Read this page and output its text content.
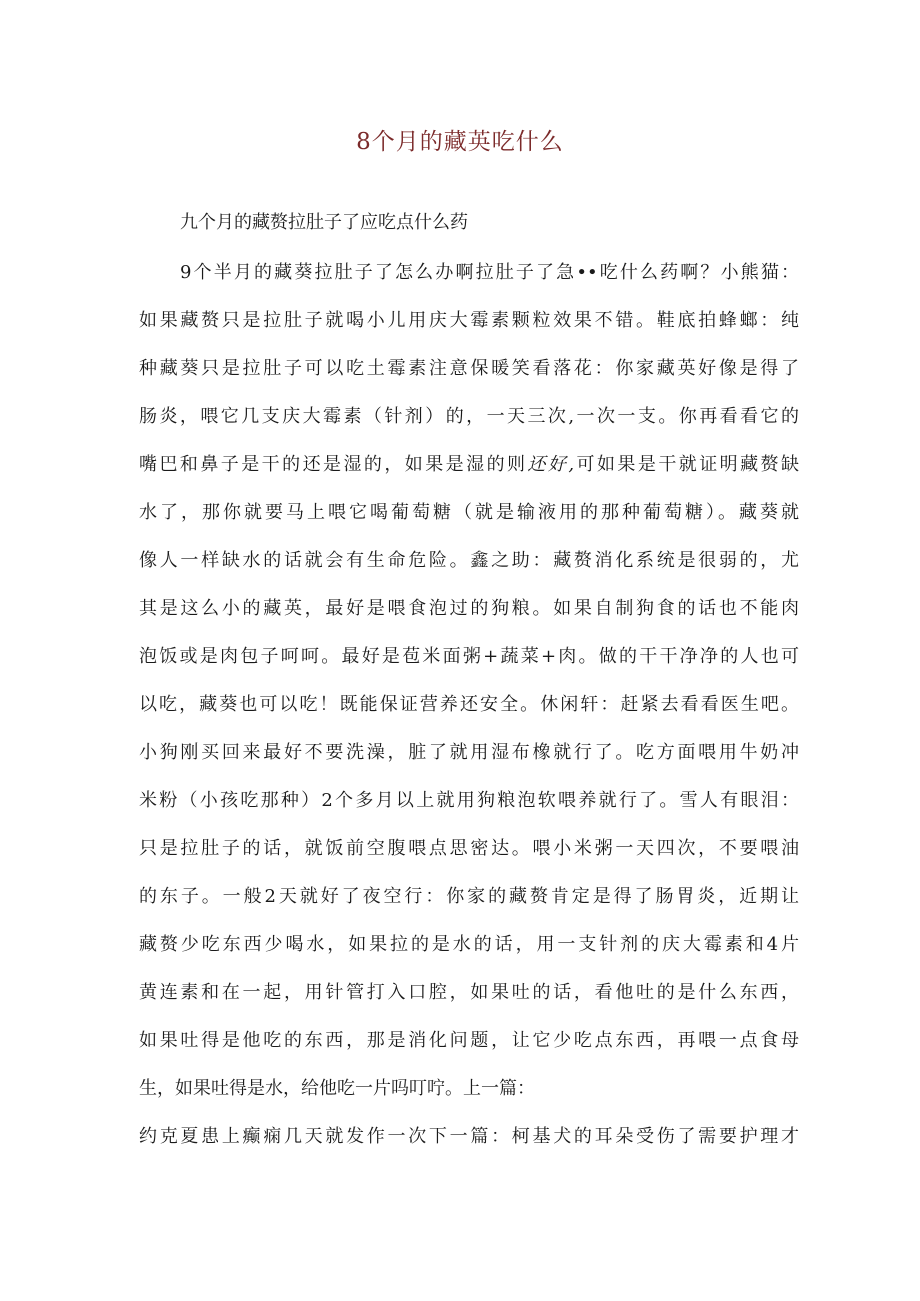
8个月的藏英吃什么
九个月的藏赘拉肚子了应吃点什么药
9个半月的藏葵拉肚子了怎么办啊拉肚子了急••吃什么药啊？小熊猫：
如果藏赘只是拉肚子就喝小儿用庆大霉素颗粒效果不错。鞋底拍蜂螂：纯
种藏葵只是拉肚子可以吃土霉素注意保暖笑看落花：你家藏英好像是得了
肠炎，喂它几支庆大霉素（针剂）的，一天三次,一次一支。你再看看它的
嘴巴和鼻子是干的还是湿的，如果是湿的则还好,可如果是干就证明藏赘缺
水了，那你就要马上喂它喝葡萄糖（就是输液用的那种葡萄糖）。藏葵就
像人一样缺水的话就会有生命危险。鑫之助：藏赘消化系统是很弱的，尤
其是这么小的藏英，最好是喂食泡过的狗粮。如果自制狗食的话也不能肉
泡饭或是肉包子呵呵。最好是苞米面粥+蔬菜+肉。做的干干净净的人也可
以吃，藏葵也可以吃！既能保证营养还安全。休闲轩：赶紧去看看医生吧。
小狗刚买回来最好不要洗澡，脏了就用湿布橡就行了。吃方面喂用牛奶冲
米粉（小孩吃那种）2个多月以上就用狗粮泡软喂养就行了。雪人有眼泪：
只是拉肚子的话，就饭前空腹喂点思密达。喂小米粥一天四次，不要喂油
的东子。一般2天就好了夜空行：你家的藏赘肯定是得了肠胃炎，近期让
藏赘少吃东西少喝水，如果拉的是水的话，用一支针剂的庆大霉素和4片
黄连素和在一起，用针管打入口腔，如果吐的话，看他吐的是什么东西，
如果吐得是他吃的东西，那是消化问题，让它少吃点东西，再喂一点食母
生，如果吐得是水，给他吃一片吗叮咛。上一篇：
约克夏患上癫痫几天就发作一次下一篇：柯基犬的耳朵受伤了需要护理才
